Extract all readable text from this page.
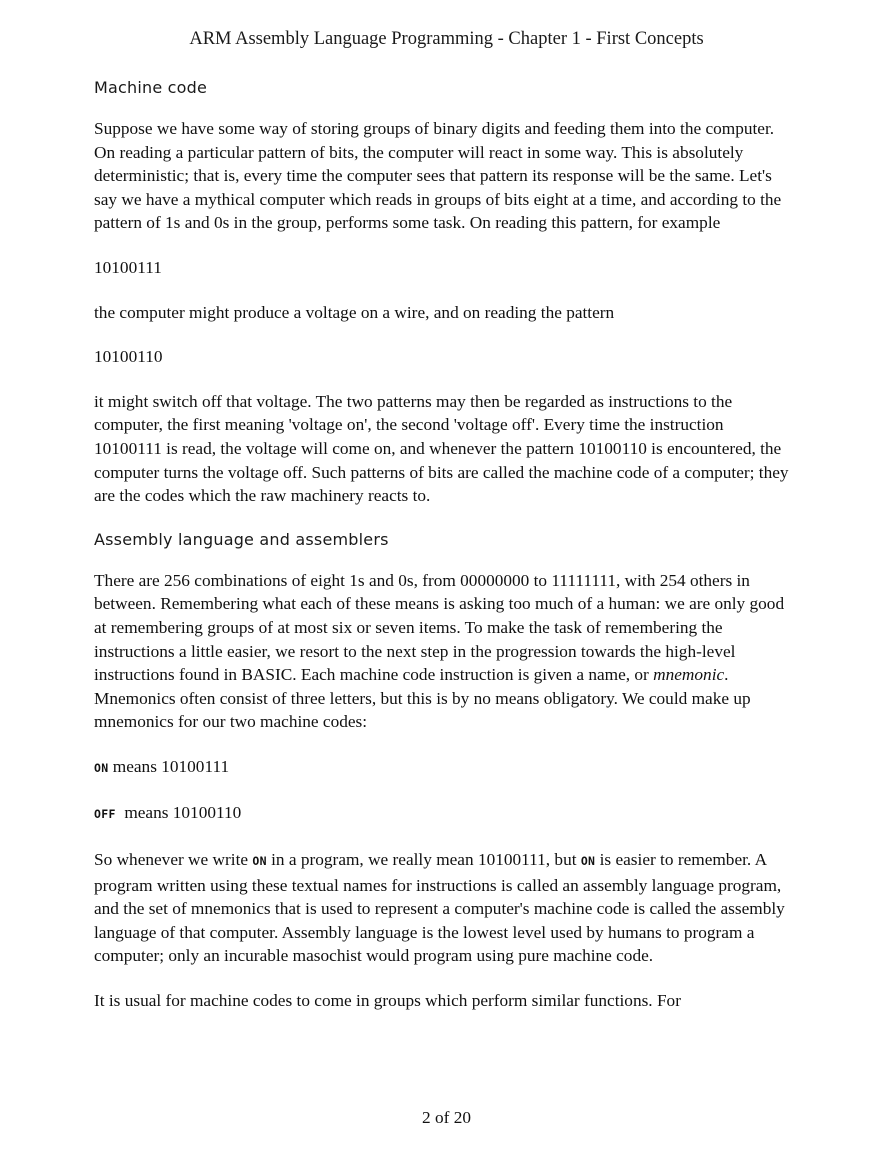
ARM Assembly Language Programming - Chapter 1 - First Concepts
Machine code

Suppose we have some way of storing groups of binary digits and feeding them into the computer. On reading a particular pattern of bits, the computer will react in some way. This is absolutely deterministic; that is, every time the computer sees that pattern its response will be the same. Let's say we have a mythical computer which reads in groups of bits eight at a time, and according to the pattern of 1s and 0s in the group, performs some task. On reading this pattern, for example

10100111

the computer might produce a voltage on a wire, and on reading the pattern

10100110

it might switch off that voltage. The two patterns may then be regarded as instructions to the computer, the first meaning 'voltage on', the second 'voltage off'. Every time the instruction 10100111 is read, the voltage will come on, and whenever the pattern 10100110 is encountered, the computer turns the voltage off. Such patterns of bits are called the machine code of a computer; they are the codes which the raw machinery reacts to.

Assembly language and assemblers

There are 256 combinations of eight 1s and 0s, from 00000000 to 11111111, with 254 others in between. Remembering what each of these means is asking too much of a human: we are only good at remembering groups of at most six or seven items. To make the task of remembering the instructions a little easier, we resort to the next step in the progression towards the high-level instructions found in BASIC. Each machine code instruction is given a name, or mnemonic. Mnemonics often consist of three letters, but this is by no means obligatory. We could make up mnemonics for our two machine codes:

ON means 10100111

OFF  means 10100110

So whenever we write ON in a program, we really mean 10100111, but ON is easier to remember. A program written using these textual names for instructions is called an assembly language program, and the set of mnemonics that is used to represent a computer's machine code is called the assembly language of that computer. Assembly language is the lowest level used by humans to program a computer; only an incurable masochist would program using pure machine code.

It is usual for machine codes to come in groups which perform similar functions. For

2 of 20
